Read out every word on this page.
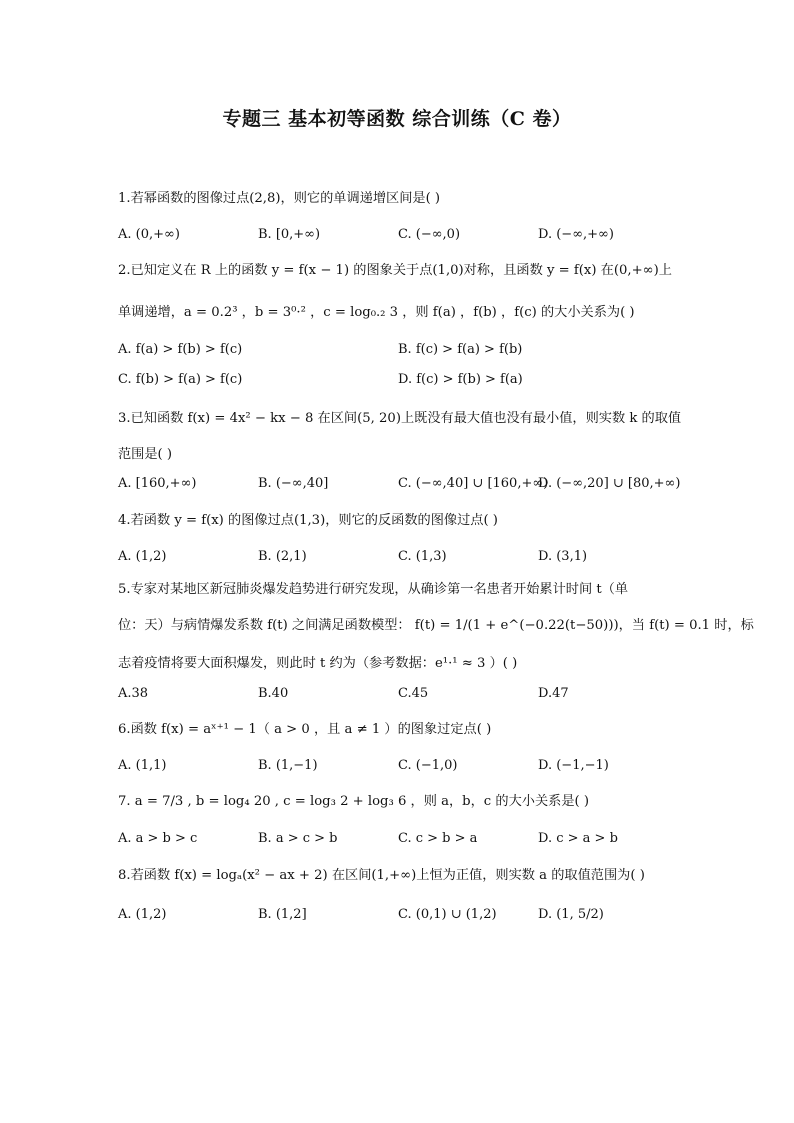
专题三 基本初等函数 综合训练（C 卷）
1.若幂函数的图像过点(2,8)，则它的单调递增区间是( )
A. (0,+∞)	B. [0,+∞)	C. (−∞,0)	D. (−∞,+∞)
2.已知定义在 R 上的函数 y = f(x − 1) 的图象关于点(1,0)对称，且函数 y = f(x) 在(0,+∞)上
单调递增，a = 0.2³ ，b = 3⁰·² ，c = log₀.₂ 3 ，则 f(a) ，f(b) ，f(c) 的大小关系为( )
A. f(a) > f(b) > f(c)	B. f(c) > f(a) > f(b)
C. f(b) > f(a) > f(c)	D. f(c) > f(b) > f(a)
3.已知函数 f(x) = 4x² − kx − 8 在区间(5, 20)上既没有最大值也没有最小值，则实数 k 的取值
范围是( )
A. [160,+∞)	B. (−∞,40]	C. (−∞,40] ∪ [160,+∞)
D. (−∞,20] ∪ [80,+∞)
4.若函数 y = f(x) 的图像过点(1,3)，则它的反函数的图像过点( )
A. (1,2)	B. (2,1)	C. (1,3)	D. (3,1)
5.专家对某地区新冠肺炎爆发趋势进行研究发现，从确诊第一名患者开始累计时间 t（单
位：天）与病情爆发系数 f(t) 之间满足函数模型： f(t) = 1/(1 + e^(−0.22(t−50)))，当 f(t) = 0.1 时，标
志着疫情将要大面积爆发，则此时 t 约为（参考数据：e¹·¹ ≈ 3 ）( )
A.38	B.40	C.45	D.47
6.函数 f(x) = aˣ⁺¹ − 1（ a > 0 ，且 a ≠ 1 ）的图象过定点( )
A. (1,1)	B. (1,−1)	C. (−1,0)	D. (−1,−1)
7. a = 7/3 , b = log₄ 20 , c = log₃ 2 + log₃ 6 ，则 a，b，c 的大小关系是( )
A. a > b > c	B. a > c > b	C. c > b > a	D. c > a > b
8.若函数 f(x) = logₐ(x² − ax + 2) 在区间(1,+∞)上恒为正值，则实数 a 的取值范围为( )
A. (1,2)	B. (1,2]	C. (0,1) ∪ (1,2)	D. (1, 5/2)
